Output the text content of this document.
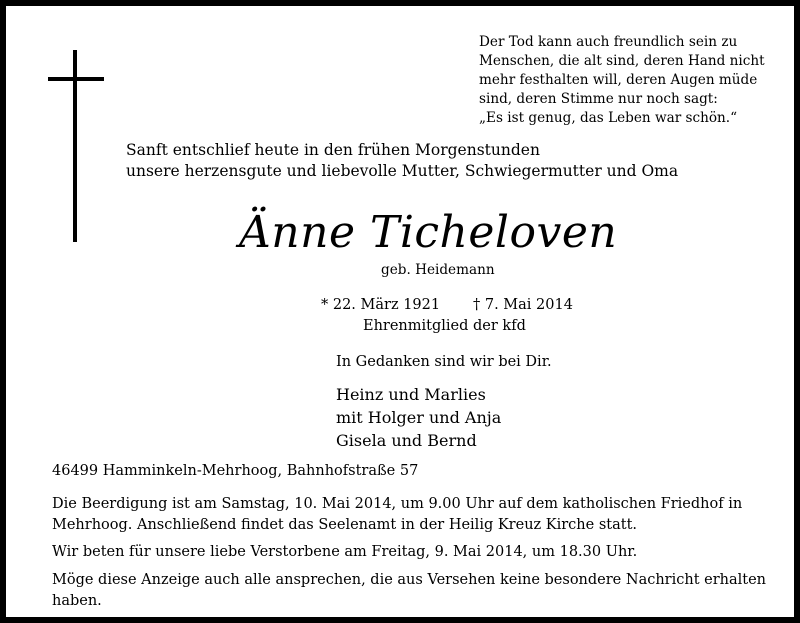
Der Tod kann auch freundlich sein zu
Menschen, die alt sind, deren Hand nicht
mehr festhalten will, deren Augen müde
sind, deren Stimme nur noch sagt:
„Es ist genug, das Leben war schön.“
Sanft entschlief heute in den frühen Morgenstunden
unsere herzensgute und liebevolle Mutter, Schwiegermutter und Oma
Änne Ticheloven
geb. Heidemann
* 22. März 1921 † 7. Mai 2014
Ehrenmitglied der kfd
In Gedanken sind wir bei Dir.
Heinz und Marlies
mit Holger und Anja
Gisela und Bernd
46499 Hamminkeln-Mehrhoog, Bahnhofstraße 57
Die Beerdigung ist am Samstag, 10. Mai 2014, um 9.00 Uhr auf dem katholischen Friedhof in
Mehrhoog. Anschließend findet das Seelenamt in der Heilig Kreuz Kirche statt.
Wir beten für unsere liebe Verstorbene am Freitag, 9. Mai 2014, um 18.30 Uhr.
Möge diese Anzeige auch alle ansprechen, die aus Versehen keine besondere Nachricht erhalten
haben.
